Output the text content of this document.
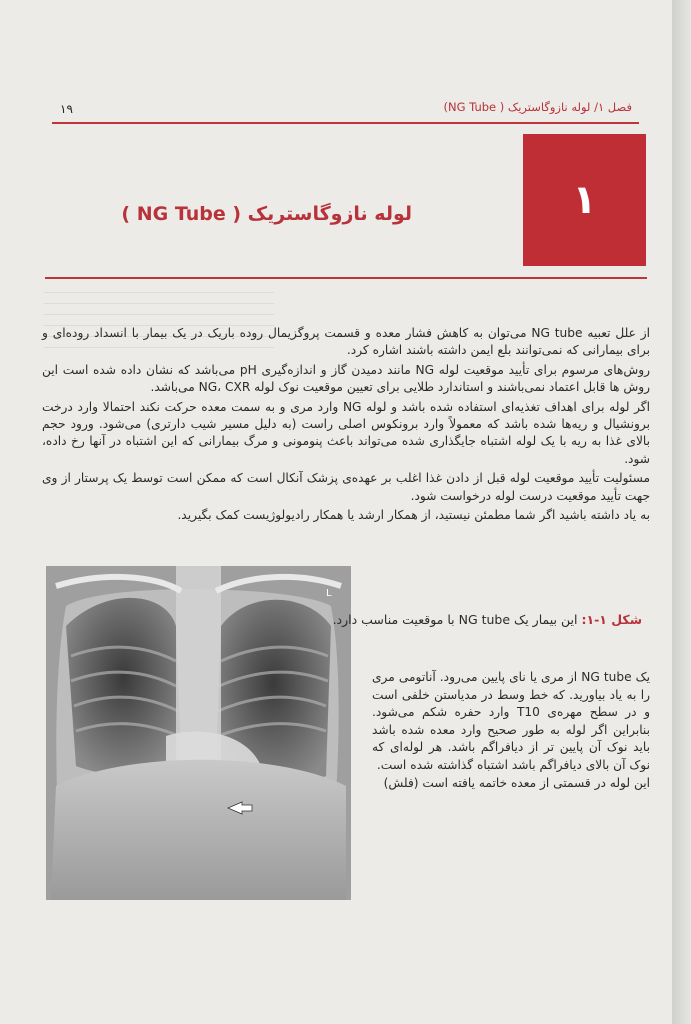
فصل ۱/ لوله نازوگاستریک ( NG Tube)
۱۹
۱
لوله نازوگاستریک ( NG Tube )

از علل تعبیه NG tube می‌توان به کاهش فشار معده و قسمت پروگزیمال روده باریک در یک بیمار با انسداد روده‌ای و برای بیمارانی که نمی‌توانند بلع ایمن داشته باشند اشاره کرد.

روش‌های مرسوم برای تأیید موقعیت لوله NG مانند دمیدن گاز و اندازه‌گیری pH می‌باشد که نشان داده شده است این روش ها قابل اعتماد نمی‌باشند و استاندارد طلایی برای تعیین موقعیت نوک لوله NG، CXR می‌باشد.

اگر لوله برای اهداف تغذیه‌ای استفاده شده باشد و لوله NG وارد مری و به سمت معده حرکت نکند احتمالا وارد درخت برونشیال و ریه‌ها شده باشد که معمولاً وارد برونکوس اصلی راست (به دلیل مسیر شیب دارتری) می‌شود. ورود حجم بالای غذا به ریه با یک لوله اشتباه جایگذاری شده می‌تواند باعث پنومونی و مرگ بیمارانی که این اشتباه در آنها رخ داده، شود.

مسئولیت تأیید موقعیت لوله قبل از دادن غذا اغلب بر عهده‌ی پزشک آنکال است که ممکن است توسط یک پرستار از وی جهت تأیید موقعیت درست لوله درخواست شود.

به یاد داشته باشید اگر شما مطمئن نیستید، از همکار ارشد یا همکار رادیولوژیست کمک بگیرید.

L
شکل ۱-۱: این بیمار یک NG tube با موقعیت مناسب دارد.

یک NG tube از مری یا نای پایین می‌رود. آناتومی مری را به یاد بیاورید. که خط وسط در مدیاستن خلفی است و در سطح مهره‌ی T10 وارد حفره شکم می‌شود. بنابراین اگر لوله به طور صحیح وارد معده شده باشد باید نوک آن پایین تر از دیافراگم باشد. هر لوله‌ای که نوک آن بالای دیافراگم باشد اشتباه گذاشته شده است.

این لوله در قسمتی از معده خاتمه یافته است (فلش)
